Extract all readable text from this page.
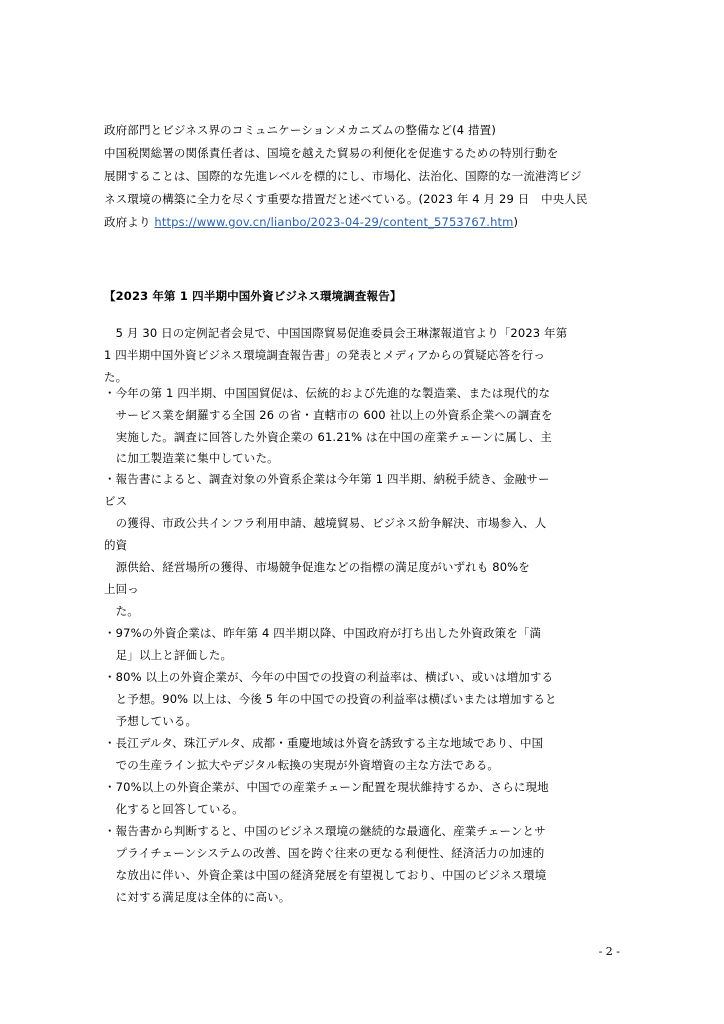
政府部門とビジネス界のコミュニケーションメカニズムの整備など(4 措置)
中国税関総署の関係責任者は、国境を越えた貿易の利便化を促進するための特別行動を
展開することは、国際的な先進レベルを標的にし、市場化、法治化、国際的な一流港湾ビジ
ネス環境の構築に全力を尽くす重要な措置だと述べている。(2023 年 4 月 29 日　中央人民
政府より https://www.gov.cn/lianbo/2023-04-29/content_5753767.htm)
【2023 年第 1 四半期中国外資ビジネス環境調査報告】
　5 月 30 日の定例記者会見で、中国国際貿易促進委員会王琳潔報道官より「2023 年第
1 四半期中国外資ビジネス環境調査報告書」の発表とメディアからの質疑応答を行っ
た。
・今年の第 1 四半期、中国国貿促は、伝統的および先進的な製造業、または現代的な
　サービス業を網羅する全国 26 の省・直轄市の 600 社以上の外資系企業への調査を
　実施した。調査に回答した外資企業の 61.21% は在中国の産業チェーンに属し、主
　に加工製造業に集中していた。
・報告書によると、調査対象の外資系企業は今年第 1 四半期、納税手続き、金融サー
ビス
　の獲得、市政公共インフラ利用申請、越境貿易、ビジネス紛争解決、市場参入、人
的資
　源供給、経営場所の獲得、市場競争促進などの指標の満足度がいずれも 80%を
上回っ
　た。
・97%の外資企業は、昨年第 4 四半期以降、中国政府が打ち出した外資政策を「満
　足」以上と評価した。
・80% 以上の外資企業が、今年の中国での投資の利益率は、横ばい、或いは増加する
　と予想。90% 以上は、今後 5 年の中国での投資の利益率は横ばいまたは増加すると
　予想している。
・長江デルタ、珠江デルタ、成都・重慶地域は外資を誘致する主な地域であり、中国
　での生産ライン拡大やデジタル転換の実現が外資増資の主な方法である。
・70%以上の外資企業が、中国での産業チェーン配置を現状維持するか、さらに現地
　化すると回答している。
・報告書から判断すると、中国のビジネス環境の継続的な最適化、産業チェーンとサ
　プライチェーンシステムの改善、国を跨ぐ往来の更なる利便性、経済活力の加速的
　な放出に伴い、外資企業は中国の経済発展を有望視しており、中国のビジネス環境
　に対する満足度は全体的に高い。
- 2 -
